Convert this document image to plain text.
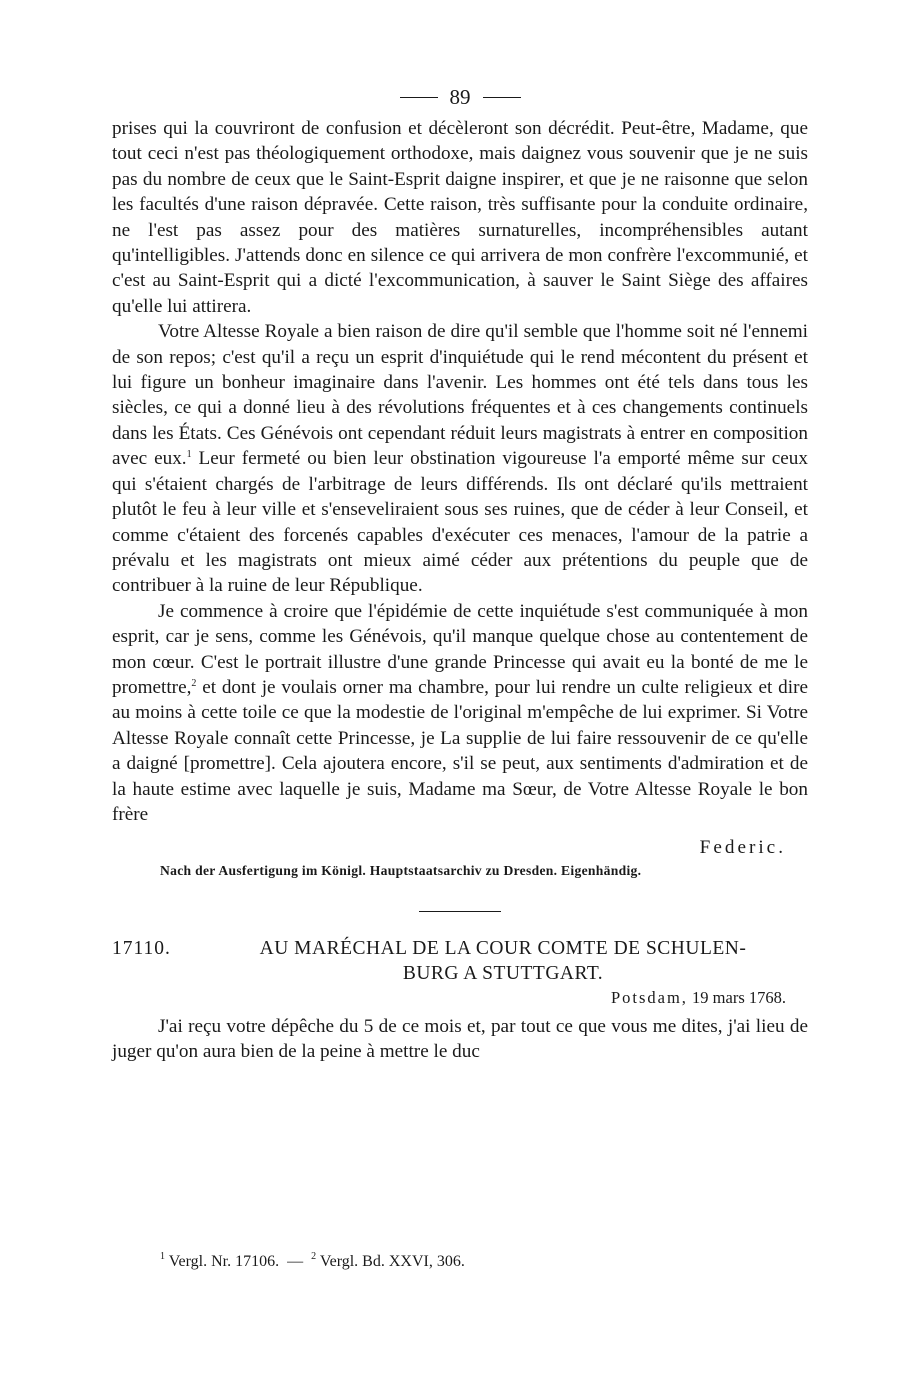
89

prises qui la couvriront de confusion et décèleront son décrédit. Peut-être, Madame, que tout ceci n'est pas théologiquement orthodoxe, mais daignez vous souvenir que je ne suis pas du nombre de ceux que le Saint-Esprit daigne inspirer, et que je ne raisonne que selon les facultés d'une raison dépravée. Cette raison, très suffisante pour la conduite ordinaire, ne l'est pas assez pour des matières surnaturelles, incompréhensibles autant qu'intelligibles. J'attends donc en silence ce qui arrivera de mon confrère l'excommunié, et c'est au Saint-Esprit qui a dicté l'excommunication, à sauver le Saint Siège des affaires qu'elle lui attirera.

Votre Altesse Royale a bien raison de dire qu'il semble que l'homme soit né l'ennemi de son repos; c'est qu'il a reçu un esprit d'inquiétude qui le rend mécontent du présent et lui figure un bonheur imaginaire dans l'avenir. Les hommes ont été tels dans tous les siècles, ce qui a donné lieu à des révolutions fréquentes et à ces changements continuels dans les États. Ces Génévois ont cependant réduit leurs magistrats à entrer en composition avec eux.$^1$ Leur fermeté ou bien leur obstination vigoureuse l'a emporté même sur ceux qui s'étaient chargés de l'arbitrage de leurs différends. Ils ont déclaré qu'ils mettraient plutôt le feu à leur ville et s'enseveliraient sous ses ruines, que de céder à leur Conseil, et comme c'étaient des forcenés capables d'exécuter ces menaces, l'amour de la patrie a prévalu et les magistrats ont mieux aimé céder aux prétentions du peuple que de contribuer à la ruine de leur République.

Je commence à croire que l'épidémie de cette inquiétude s'est communiquée à mon esprit, car je sens, comme les Génévois, qu'il manque quelque chose au contentement de mon cœur. C'est le portrait illustre d'une grande Princesse qui avait eu la bonté de me le promettre,$^2$ et dont je voulais orner ma chambre, pour lui rendre un culte religieux et dire au moins à cette toile ce que la modestie de l'original m'empêche de lui exprimer. Si Votre Altesse Royale connaît cette Princesse, je La supplie de lui faire ressouvenir de ce qu'elle a daigné [promettre]. Cela ajoutera encore, s'il se peut, aux sentiments d'admiration et de la haute estime avec laquelle je suis, Madame ma Sœur, de Votre Altesse Royale le bon frère

Federic.
Nach der Ausfertigung im Königl. Hauptstaatsarchiv zu Dresden. Eigenhändig.
17110.	AU MARÉCHAL DE LA COUR COMTE DE SCHULEN-
BURG A STUTTGART.
Potsdam, 19 mars 1768.

J'ai reçu votre dépêche du 5 de ce mois et, par tout ce que vous me dites, j'ai lieu de juger qu'on aura bien de la peine à mettre le duc

$^1$ Vergl. Nr. 17106. — $^2$ Vergl. Bd. XXVI, 306.
